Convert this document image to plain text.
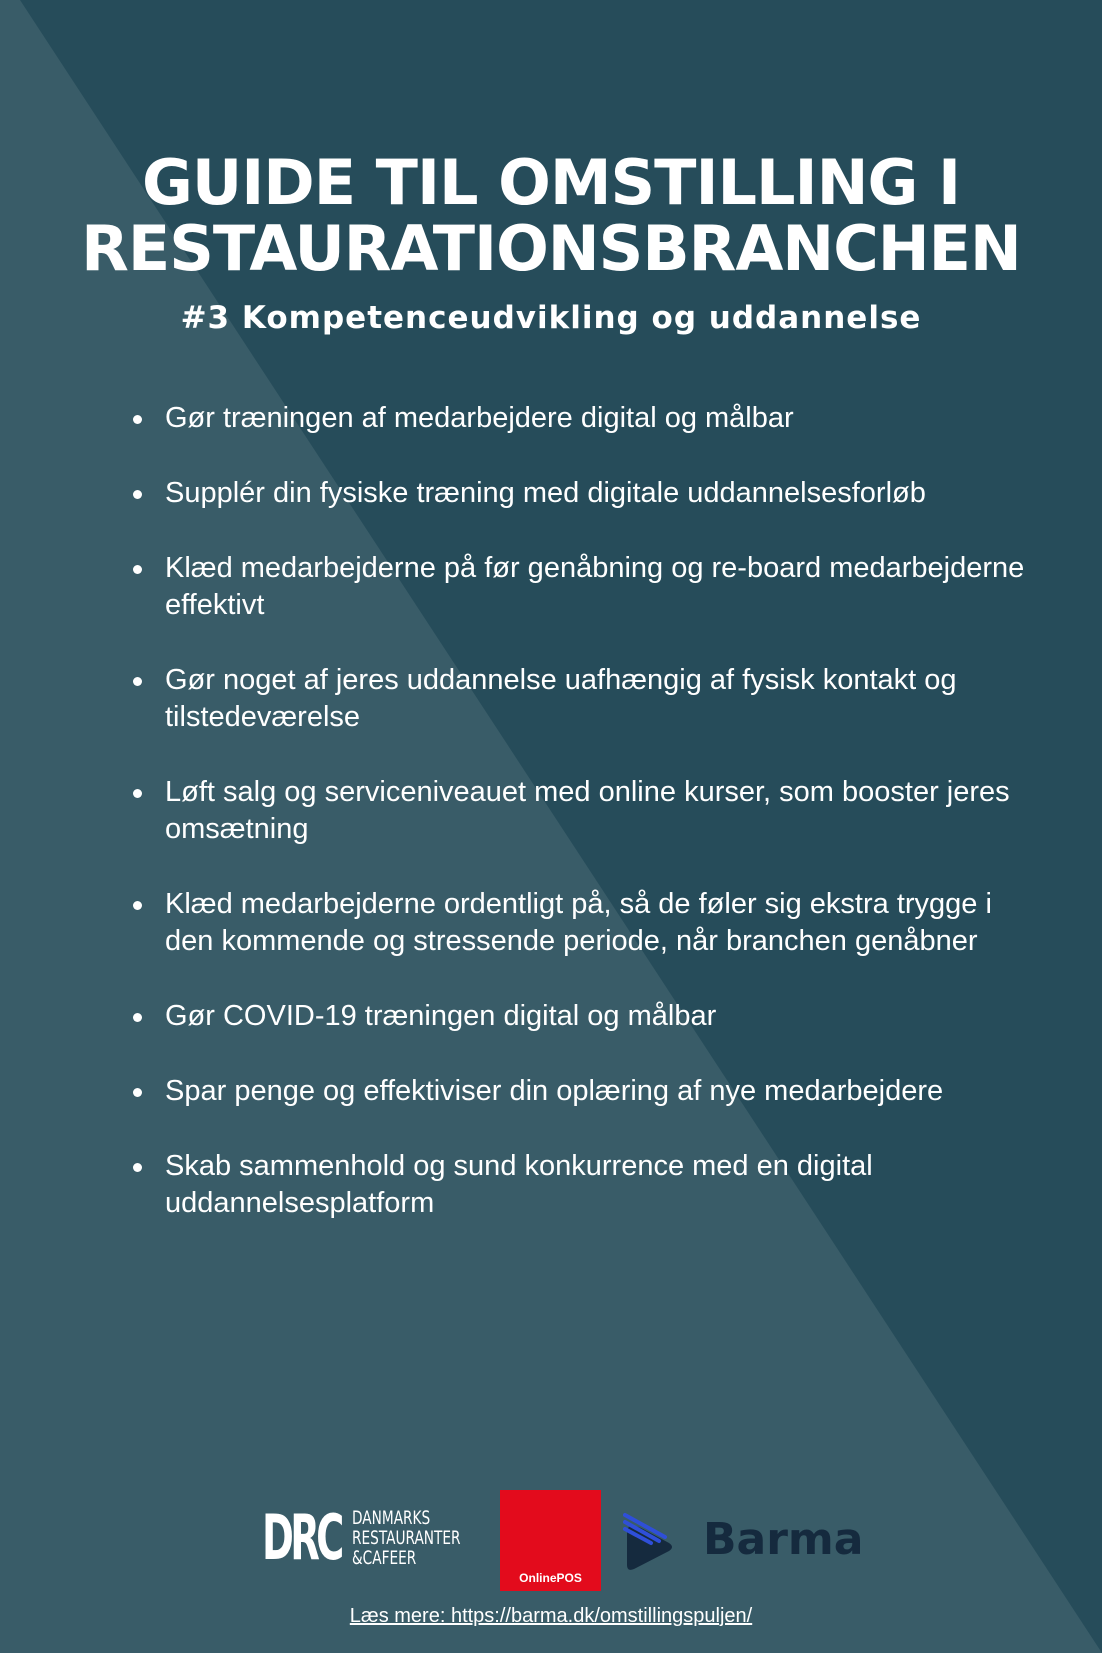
GUIDE TIL OMSTILLING I
RESTAURATIONSBRANCHEN
#3 Kompetenceudvikling og uddannelse
Gør træningen af medarbejdere digital og målbar
Supplér din fysiske træning med digitale uddannelsesforløb
Klæd medarbejderne på før genåbning og re-board medarbejderne effektivt
Gør noget af jeres uddannelse uafhængig af fysisk kontakt og tilstedeværelse
Løft salg og serviceniveauet med online kurser, som booster jeres omsætning
Klæd medarbejderne ordentligt på, så de føler sig ekstra trygge i den kommende og stressende periode, når branchen genåbner
Gør COVID-19 træningen digital og målbar
Spar penge og effektiviser din oplæring af nye medarbejdere
Skab sammenhold og sund konkurrence med en digital uddannelsesplatform
DRC DANMARKS
RESTAURANTER
&CAFEER
OnlinePOS
Barma
Læs mere: https://barma.dk/omstillingspuljen/
